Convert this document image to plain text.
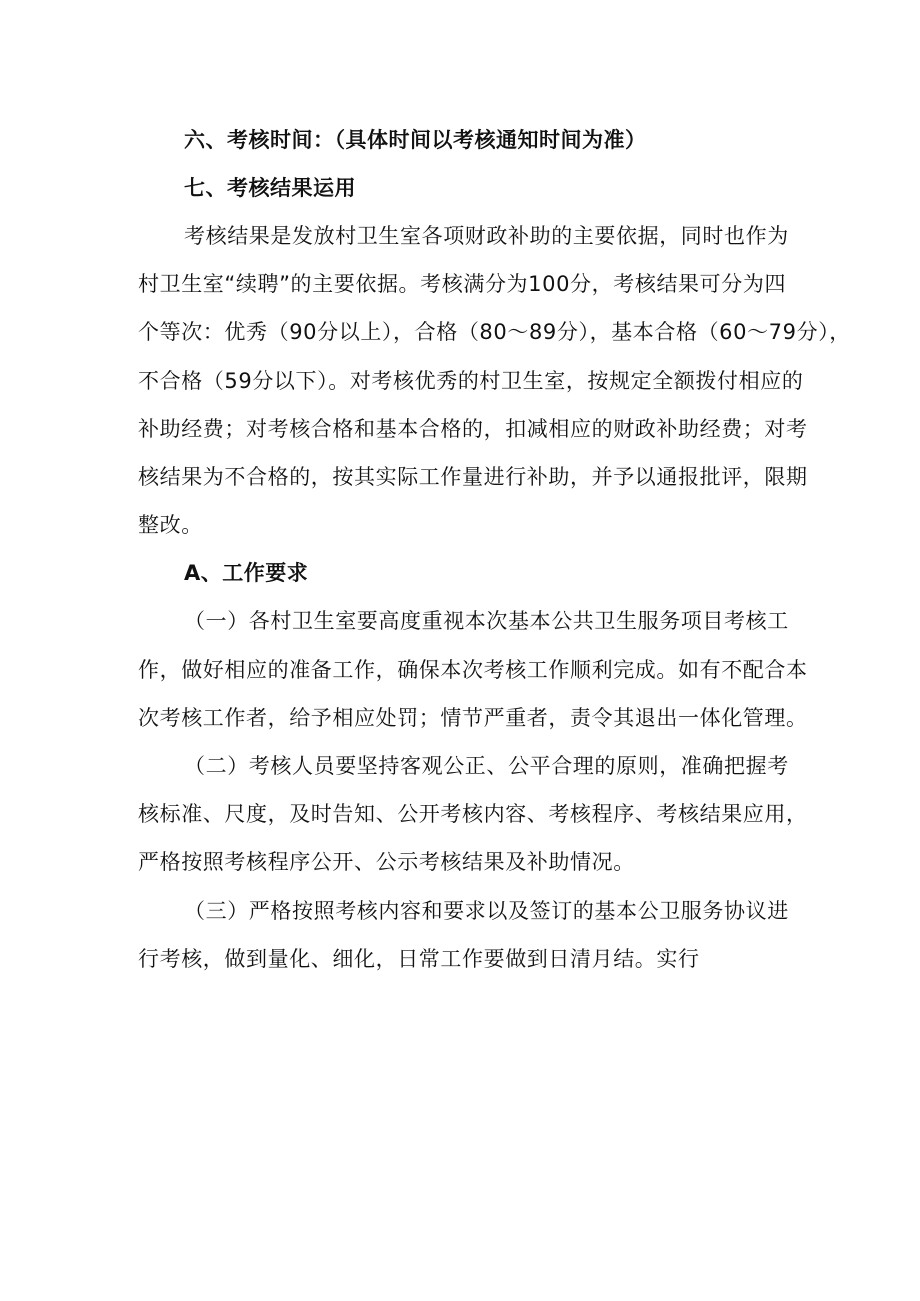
六、考核时间：（具体时间以考核通知时间为准）

七、考核结果运用

考核结果是发放村卫生室各项财政补助的主要依据，同时也作为
村卫生室“续聘”的主要依据。考核满分为100分，考核结果可分为四
个等次：优秀（90分以上），合格（80〜89分），基本合格（60〜79分），
不合格（59分以下）。对考核优秀的村卫生室，按规定全额拨付相应的
补助经费；对考核合格和基本合格的，扣减相应的财政补助经费；对考
核结果为不合格的，按其实际工作量进行补助，并予以通报批评，限期
整改。

A、工作要求

（一）各村卫生室要高度重视本次基本公共卫生服务项目考核工
作，做好相应的准备工作，确保本次考核工作顺利完成。如有不配合本
次考核工作者，给予相应处罚；情节严重者，责令其退出一体化管理。

（二）考核人员要坚持客观公正、公平合理的原则，准确把握考
核标准、尺度，及时告知、公开考核内容、考核程序、考核结果应用，
严格按照考核程序公开、公示考核结果及补助情况。

（三）严格按照考核内容和要求以及签订的基本公卫服务协议进
行考核，做到量化、细化，日常工作要做到日清月结。实行
